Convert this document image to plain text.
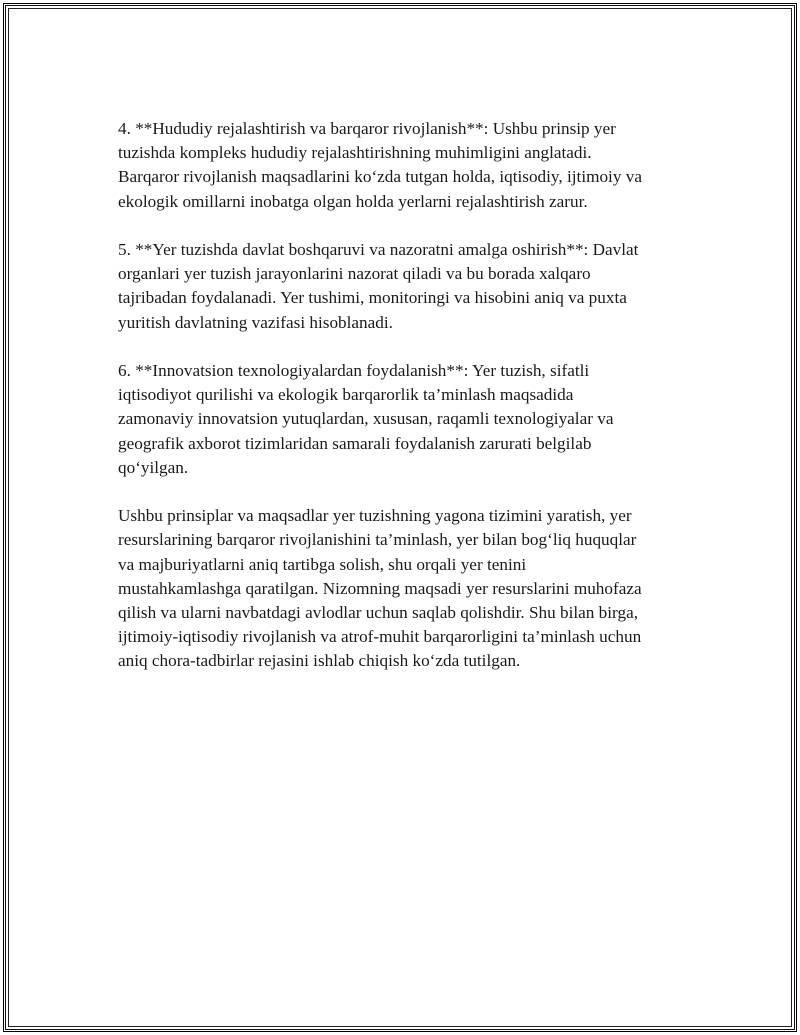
4. **Hududiy rejalashtirish va barqaror rivojlanish**: Ushbu prinsip yer
tuzishda kompleks hududiy rejalashtirishning muhimligini anglatadi.
Barqaror rivojlanish maqsadlarini ko‘zda tutgan holda, iqtisodiy, ijtimoiy va
ekologik omillarni inobatga olgan holda yerlarni rejalashtirish zarur.

5. **Yer tuzishda davlat boshqaruvi va nazoratni amalga oshirish**: Davlat
organlari yer tuzish jarayonlarini nazorat qiladi va bu borada xalqaro
tajribadan foydalanadi. Yer tushimi, monitoringi va hisobini aniq va puxta
yuritish davlatning vazifasi hisoblanadi.

6. **Innovatsion texnologiyalardan foydalanish**: Yer tuzish, sifatli
iqtisodiyot qurilishi va ekologik barqarorlik ta’minlash maqsadida
zamonaviy innovatsion yutuqlardan, xususan, raqamli texnologiyalar va
geografik axborot tizimlaridan samarali foydalanish zarurati belgilab
qo‘yilgan.

Ushbu prinsiplar va maqsadlar yer tuzishning yagona tizimini yaratish, yer
resurslarining barqaror rivojlanishini ta’minlash, yer bilan bog‘liq huquqlar
va majburiyatlarni aniq tartibga solish, shu orqali yer tenini
mustahkamlashga qaratilgan. Nizomning maqsadi yer resurslarini muhofaza
qilish va ularni navbatdagi avlodlar uchun saqlab qolishdir. Shu bilan birga,
ijtimoiy-iqtisodiy rivojlanish va atrof-muhit barqarorligini ta’minlash uchun
aniq chora-tadbirlar rejasini ishlab chiqish ko‘zda tutilgan.
